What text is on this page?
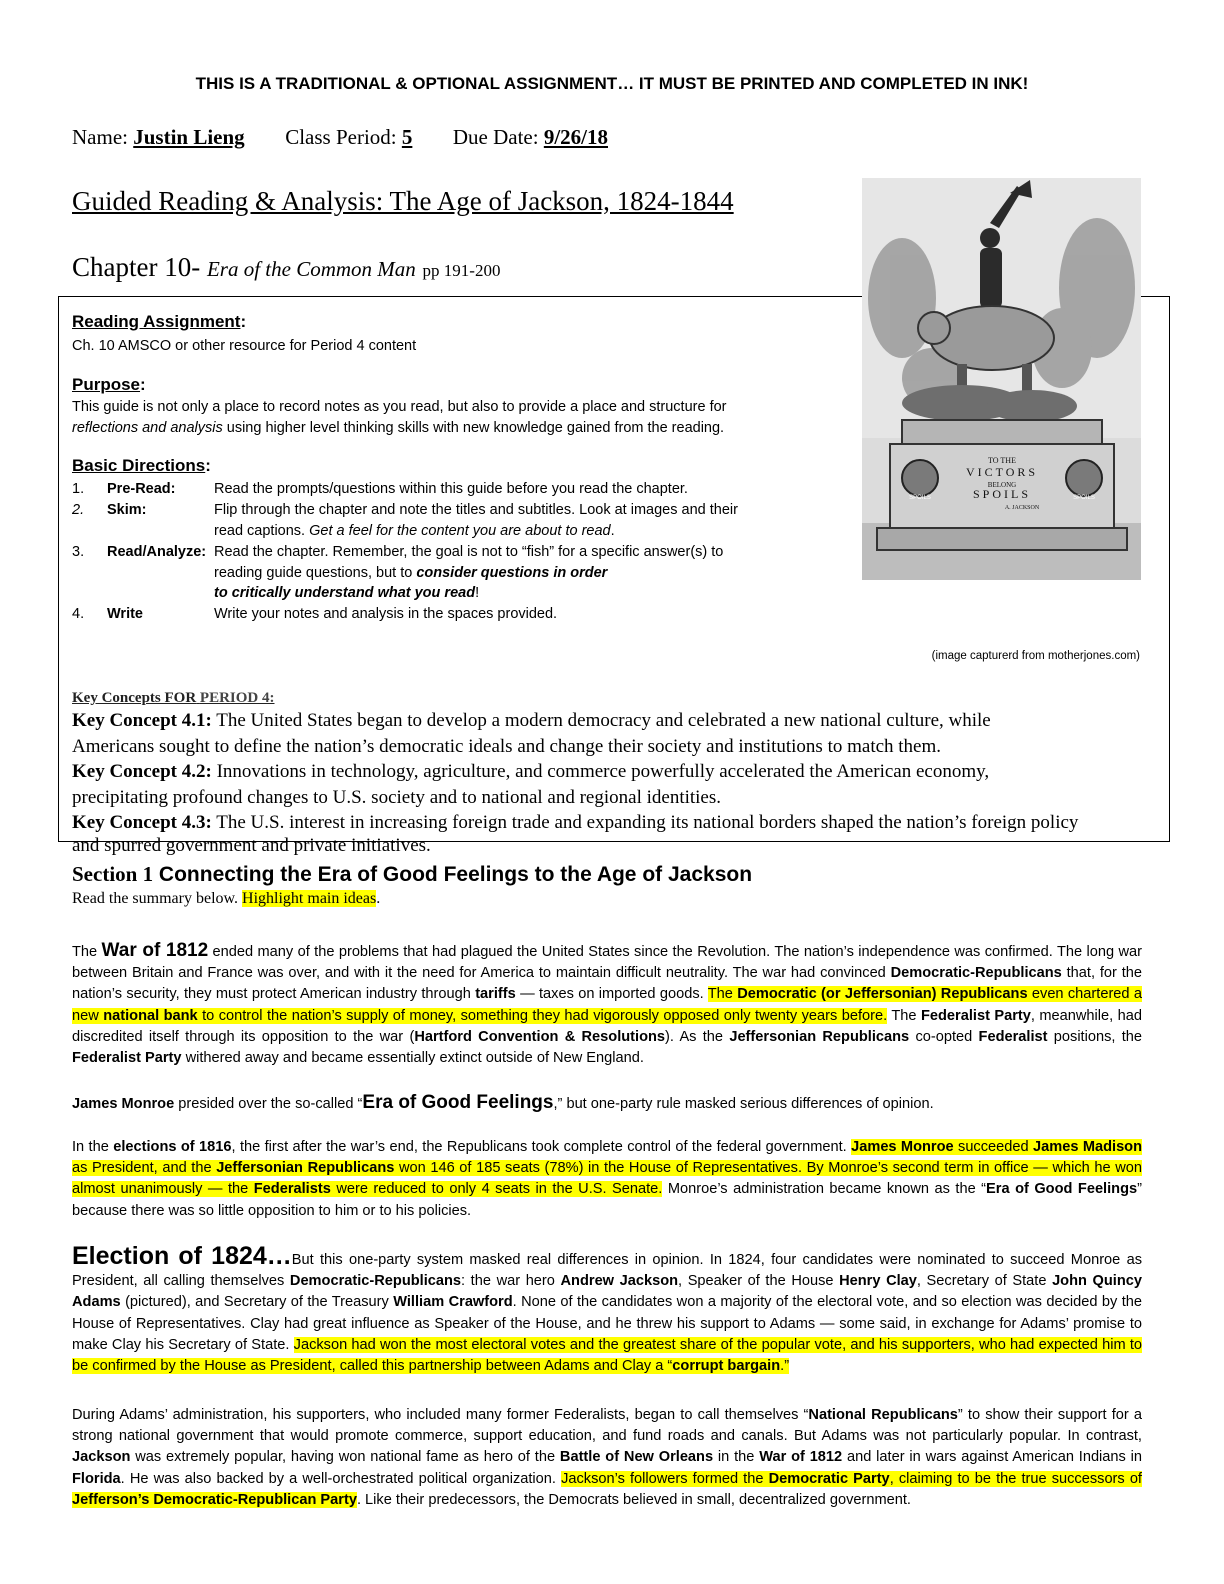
THIS IS A TRADITIONAL & OPTIONAL ASSIGNMENT… IT MUST BE PRINTED AND COMPLETED IN INK!
Name: Justin Lieng Class Period: 5 Due Date: 9/26/18
Guided Reading & Analysis: The Age of Jackson, 1824-1844
Chapter 10- Era of the Common Man pp 191-200
TO THE
VICTORS
BELONG
SPOILS
A. JACKSON
SPOILS	SPOILS
(image capturerd from motherjones.com)
Reading Assignment:
Ch. 10 AMSCO or other resource for Period 4 content
Purpose:
This guide is not only a place to record notes as you read, but also to provide a place and structure for
reflections and analysis using higher level thinking skills with new knowledge gained from the reading.
Basic Directions:
1. Pre-Read:	Read the prompts/questions within this guide before you read the chapter.
2. Skim:	Flip through the chapter and note the titles and subtitles. Look at images and their
read captions. Get a feel for the content you are about to read.
3. Read/Analyze: Read the chapter. Remember, the goal is not to “fish” for a specific answer(s) to
reading guide questions, but to consider questions in order
to critically understand what you read!
4. Write	Write your notes and analysis in the spaces provided.
Key Concepts FOR PERIOD 4:
Key Concept 4.1: The United States began to develop a modern democracy and celebrated a new national culture, while
Americans sought to define the nation’s democratic ideals and change their society and institutions to match them.
Key Concept 4.2: Innovations in technology, agriculture, and commerce powerfully accelerated the American economy,
precipitating profound changes to U.S. society and to national and regional identities.
Key Concept 4.3: The U.S. interest in increasing foreign trade and expanding its national borders shaped the nation’s foreign policy
and spurred government and private initiatives.
Section 1 Connecting the Era of Good Feelings to the Age of Jackson
Read the summary below. Highlight main ideas.
The War of 1812 ended many of the problems that had plagued the United States since the Revolution. The nation’s independence was confirmed. The long war between Britain and France was over, and with it the need for America to maintain difficult neutrality. The war had convinced Democratic-Republicans that, for the nation’s security, they must protect American industry through tariffs — taxes on imported goods. The Democratic (or Jeffersonian) Republicans even chartered a new national bank to control the nation’s supply of money, something they had vigorously opposed only twenty years before. The Federalist Party, meanwhile, had discredited itself through its opposition to the war (Hartford Convention & Resolutions). As the Jeffersonian Republicans co-opted Federalist positions, the Federalist Party withered away and became essentially extinct outside of New England.
James Monroe presided over the so-called “Era of Good Feelings,” but one-party rule masked serious differences of opinion.
In the elections of 1816, the first after the war’s end, the Republicans took complete control of the federal government. James Monroe succeeded James Madison as President, and the Jeffersonian Republicans won 146 of 185 seats (78%) in the House of Representatives. By Monroe’s second term in office — which he won almost unanimously — the Federalists were reduced to only 4 seats in the U.S. Senate. Monroe’s administration became known as the “Era of Good Feelings” because there was so little opposition to him or to his policies.
Election of 1824…But this one-party system masked real differences in opinion. In 1824, four candidates were nominated to succeed Monroe as President, all calling themselves Democratic-Republicans: the war hero Andrew Jackson, Speaker of the House Henry Clay, Secretary of State John Quincy Adams (pictured), and Secretary of the Treasury William Crawford. None of the candidates won a majority of the electoral vote, and so election was decided by the House of Representatives. Clay had great influence as Speaker of the House, and he threw his support to Adams — some said, in exchange for Adams’ promise to make Clay his Secretary of State. Jackson had won the most electoral votes and the greatest share of the popular vote, and his supporters, who had expected him to be confirmed by the House as President, called this partnership between Adams and Clay a “corrupt bargain.”
During Adams’ administration, his supporters, who included many former Federalists, began to call themselves “National Republicans” to show their support for a strong national government that would promote commerce, support education, and fund roads and canals. But Adams was not particularly popular. In contrast, Jackson was extremely popular, having won national fame as hero of the Battle of New Orleans in the War of 1812 and later in wars against American Indians in Florida. He was also backed by a well-orchestrated political organization. Jackson’s followers formed the Democratic Party, claiming to be the true successors of Jefferson’s Democratic-Republican Party. Like their predecessors, the Democrats believed in small, decentralized government.
